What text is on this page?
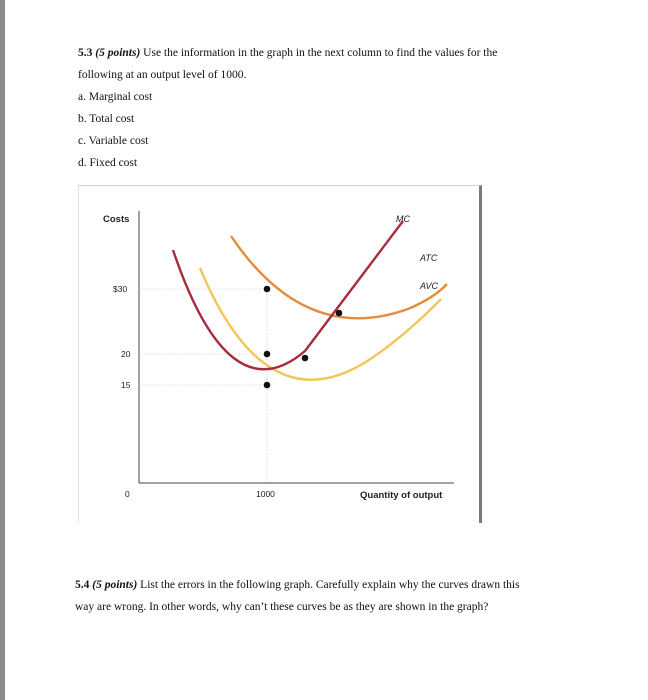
5.3 (5 points) Use the information in the graph in the next column to find the values for the

following at an output level of 1000.

a. Marginal cost

b. Total cost

c. Variable cost

d. Fixed cost

Costs
$30
20
15
0	1000	Quantity of output
MC
ATC
AVC

5.4 (5 points) List the errors in the following graph. Carefully explain why the curves drawn this

way are wrong. In other words, why can’t these curves be as they are shown in the graph?
